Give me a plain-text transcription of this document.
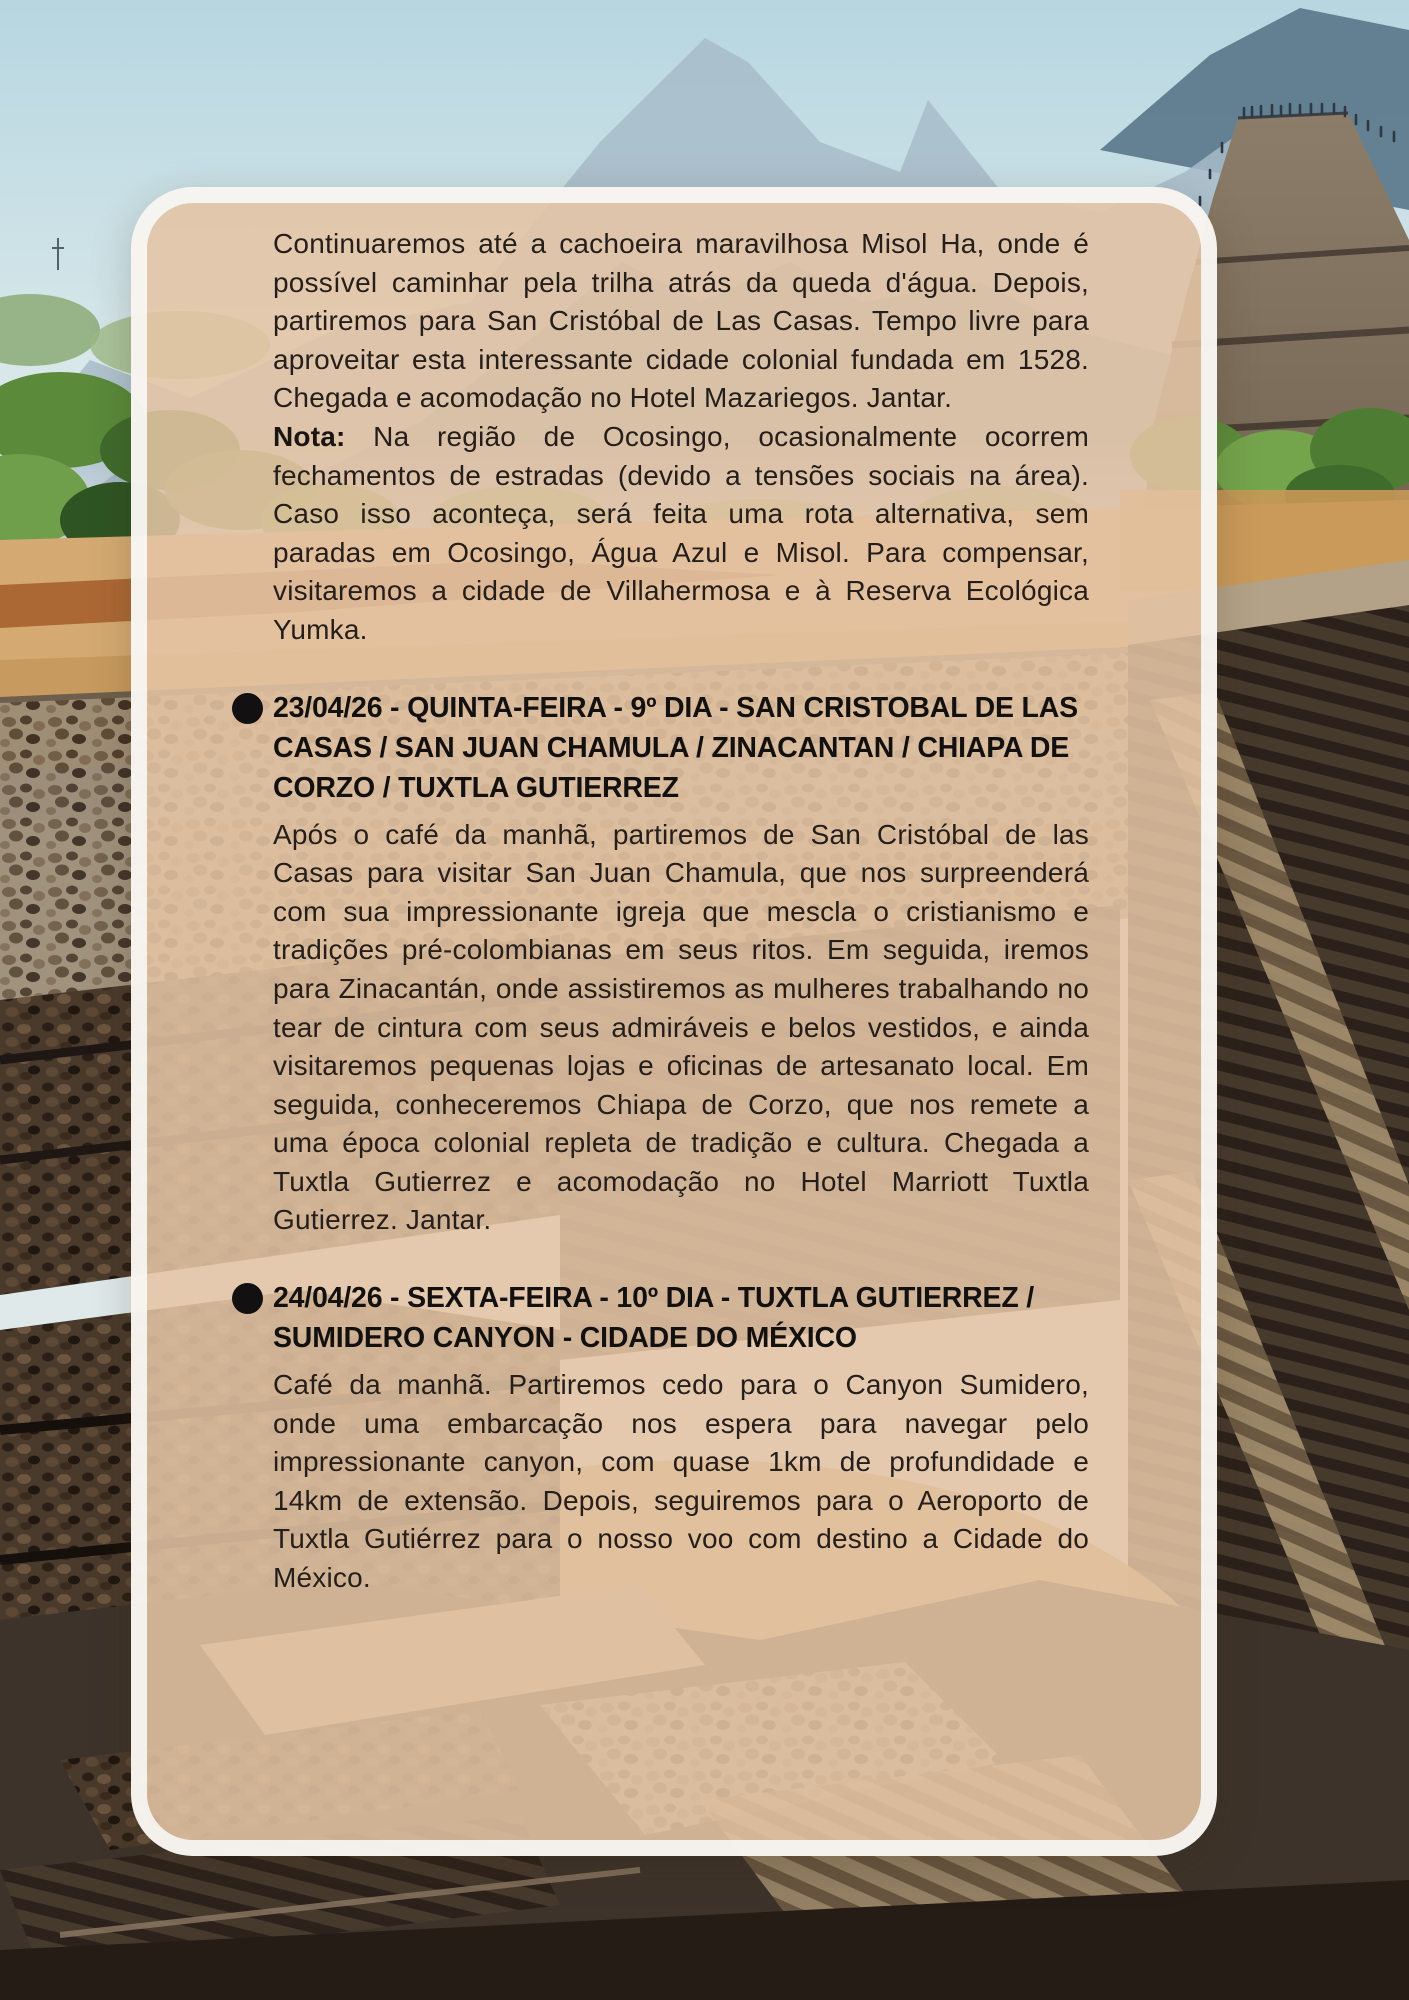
Continuaremos até a cachoeira maravilhosa Misol Ha, onde é possível caminhar pela trilha atrás da queda d'água. Depois, partiremos para San Cristóbal de Las Casas. Tempo livre para aproveitar esta interessante cidade colonial fundada em 1528. Chegada e acomodação no Hotel Mazariegos. Jantar.

Nota: Na região de Ocosingo, ocasionalmente ocorrem fechamentos de estradas (devido a tensões sociais na área). Caso isso aconteça, será feita uma rota alternativa, sem paradas em Ocosingo, Água Azul e Misol. Para compensar, visitaremos a cidade de Villahermosa e à Reserva Ecológica Yumka.

23/04/26 - QUINTA-FEIRA - 9º DIA - SAN CRISTOBAL DE LAS CASAS / SAN JUAN CHAMULA / ZINACANTAN / CHIAPA DE CORZO / TUXTLA GUTIERREZ

Após o café da manhã, partiremos de San Cristóbal de las Casas para visitar San Juan Chamula, que nos surpreenderá com sua impressionante igreja que mescla o cristianismo e tradições pré-colombianas em seus ritos. Em seguida, iremos para Zinacantán, onde assistiremos as mulheres trabalhando no tear de cintura com seus admiráveis e belos vestidos, e ainda visitaremos pequenas lojas e oficinas de artesanato local. Em seguida, conheceremos Chiapa de Corzo, que nos remete a uma época colonial repleta de tradição e cultura. Chegada a Tuxtla Gutierrez e acomodação no Hotel Marriott Tuxtla Gutierrez. Jantar.

24/04/26 - SEXTA-FEIRA - 10º DIA - TUXTLA GUTIERREZ / SUMIDERO CANYON - CIDADE DO MÉXICO

Café da manhã. Partiremos cedo para o Canyon Sumidero, onde uma embarcação nos espera para navegar pelo impressionante canyon, com quase 1km de profundidade e 14km de extensão. Depois, seguiremos para o Aeroporto de Tuxtla Gutiérrez para o nosso voo com destino a Cidade do México.
